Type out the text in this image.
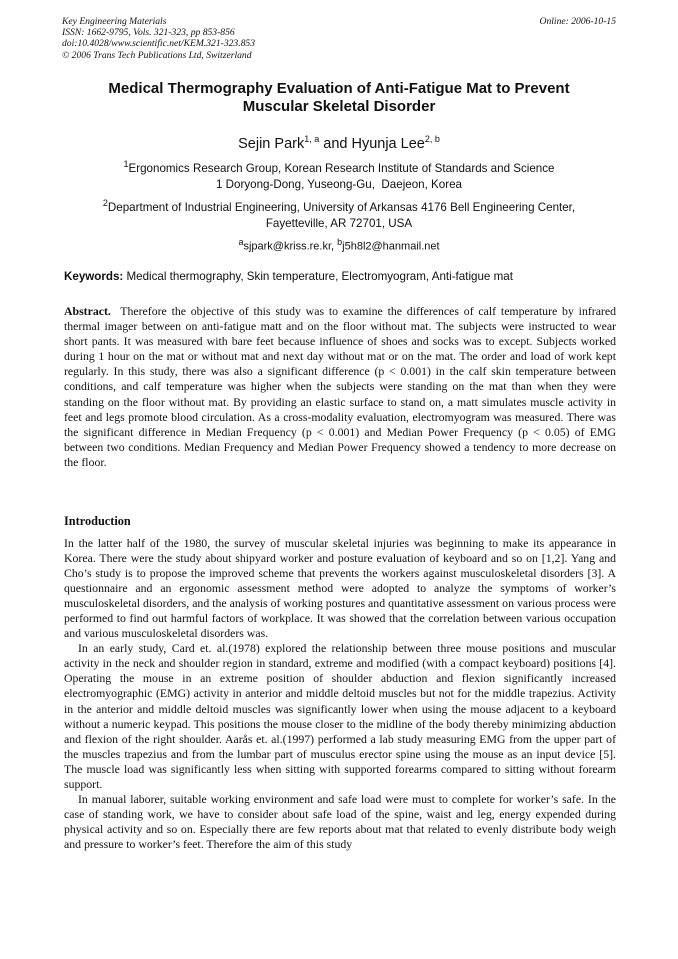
Key Engineering Materials
ISSN: 1662-9795, Vols. 321-323, pp 853-856
doi:10.4028/www.scientific.net/KEM.321-323.853
© 2006 Trans Tech Publications Ltd, Switzerland
Online: 2006-10-15
Medical Thermography Evaluation of Anti-Fatigue Mat to Prevent
Muscular Skeletal Disorder
Sejin Park$^{1, a}$ and Hyunja Lee$^{2, b}$
$^1$Ergonomics Research Group, Korean Research Institute of Standards and Science
1 Doryong-Dong, Yuseong-Gu,  Daejeon, Korea
$^2$Department of Industrial Engineering, University of Arkansas 4176 Bell Engineering Center,
Fayetteville, AR 72701, USA
$^a$sjpark@kriss.re.kr, $^b$j5h8l2@hanmail.net
Keywords: Medical thermography, Skin temperature, Electromyogram, Anti-fatigue mat
Abstract.  Therefore the objective of this study was to examine the differences of calf temperature by infrared thermal imager between on anti-fatigue matt and on the floor without mat. The subjects were instructed to wear short pants. It was measured with bare feet because influence of shoes and socks was to except. Subjects worked during 1 hour on the mat or without mat and next day without mat or on the mat. The order and load of work kept regularly. In this study, there was also a significant difference (p < 0.001) in the calf skin temperature between conditions, and calf temperature was higher when the subjects were standing on the mat than when they were standing on the floor without mat. By providing an elastic surface to stand on, a matt simulates muscle activity in feet and legs promote blood circulation. As a cross-modality evaluation, electromyogram was measured. There was the significant difference in Median Frequency (p < 0.001) and Median Power Frequency (p < 0.05) of EMG between two conditions. Median Frequency and Median Power Frequency showed a tendency to more decrease on the floor.
Introduction

In the latter half of the 1980, the survey of muscular skeletal injuries was beginning to make its appearance in Korea. There were the study about shipyard worker and posture evaluation of keyboard and so on [1,2]. Yang and Cho’s study is to propose the improved scheme that prevents the workers against musculoskeletal disorders [3]. A questionnaire and an ergonomic assessment method were adopted to analyze the symptoms of worker’s musculoskeletal disorders, and the analysis of working postures and quantitative assessment on various process were performed to find out harmful factors of workplace. It was showed that the correlation between various occupation and various musculoskeletal disorders was.

In an early study, Card et. al.(1978) explored the relationship between three mouse positions and muscular activity in the neck and shoulder region in standard, extreme and modified (with a compact keyboard) positions [4]. Operating the mouse in an extreme position of shoulder abduction and flexion significantly increased electromyographic (EMG) activity in anterior and middle deltoid muscles but not for the middle trapezius. Activity in the anterior and middle deltoid muscles was significantly lower when using the mouse adjacent to a keyboard without a numeric keypad. This positions the mouse closer to the midline of the body thereby minimizing abduction and flexion of the right shoulder. Aarås et. al.(1997) performed a lab study measuring EMG from the upper part of the muscles trapezius and from the lumbar part of musculus erector spine using the mouse as an input device [5]. The muscle load was significantly less when sitting with supported forearms compared to sitting without forearm support.

In manual laborer, suitable working environment and safe load were must to complete for worker’s safe. In the case of standing work, we have to consider about safe load of the spine, waist and leg, energy expended during physical activity and so on. Especially there are few reports about mat that related to evenly distribute body weigh and pressure to worker’s feet. Therefore the aim of this study
